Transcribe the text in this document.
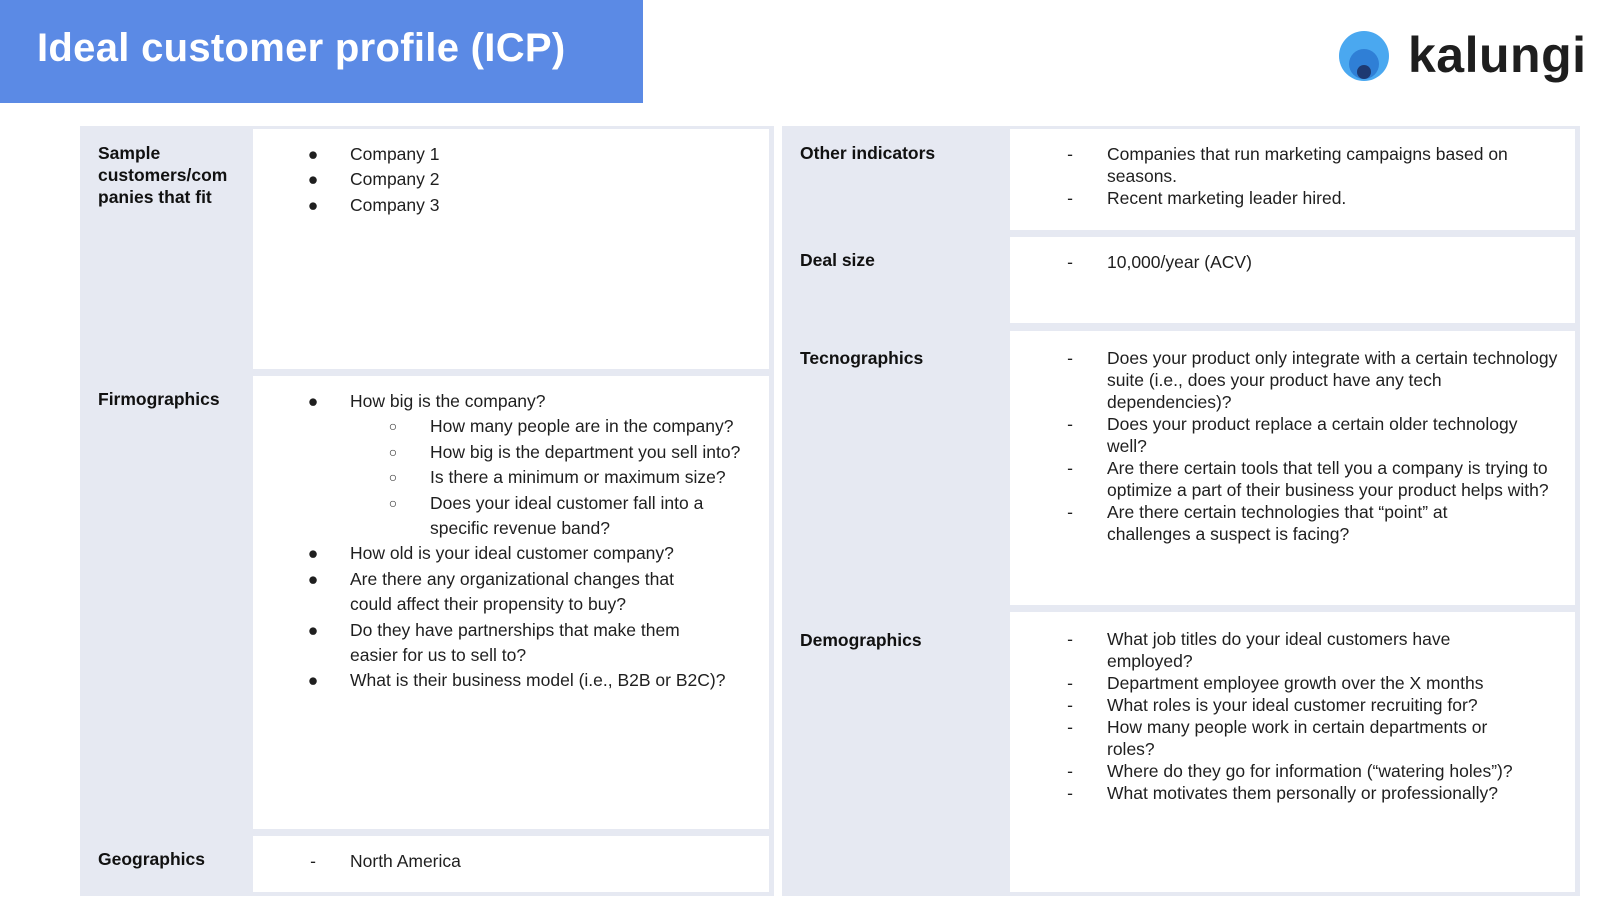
Ideal customer profile (ICP)	kalungi
Sample customers/com panies that fit
● Company 1
● Company 2
● Company 3
Firmographics	● How big is the company?
○	How many people are in the company?
○	How big is the department you sell into?
○	Is there a minimum or maximum size?
○	Does your ideal customer fall into a specific revenue band?
● How old is your ideal customer company?
● Are there any organizational changes that could affect their propensity to buy?
● Do they have partnerships that make them easier for us to sell to?
● What is their business model (i.e., B2B or B2C)?
Geographics	-	North America
Other indicators	-	Companies that run marketing campaigns based on seasons.
-	Recent marketing leader hired.
Deal size	-	10,000/year (ACV)
Tecnographics	-	Does your product only integrate with a certain technology suite (i.e., does your product have any tech dependencies)?
-	Does your product replace a certain older technology well?
-	Are there certain tools that tell you a company is trying to optimize a part of their business your product helps with?
-	Are there certain technologies that “point” at challenges a suspect is facing?
Demographics	-	What job titles do your ideal customers have employed?
-	Department employee growth over the X months
-	What roles is your ideal customer recruiting for?
-	How many people work in certain departments or roles?
-	Where do they go for information (“watering holes”)?
-	What motivates them personally or professionally?
